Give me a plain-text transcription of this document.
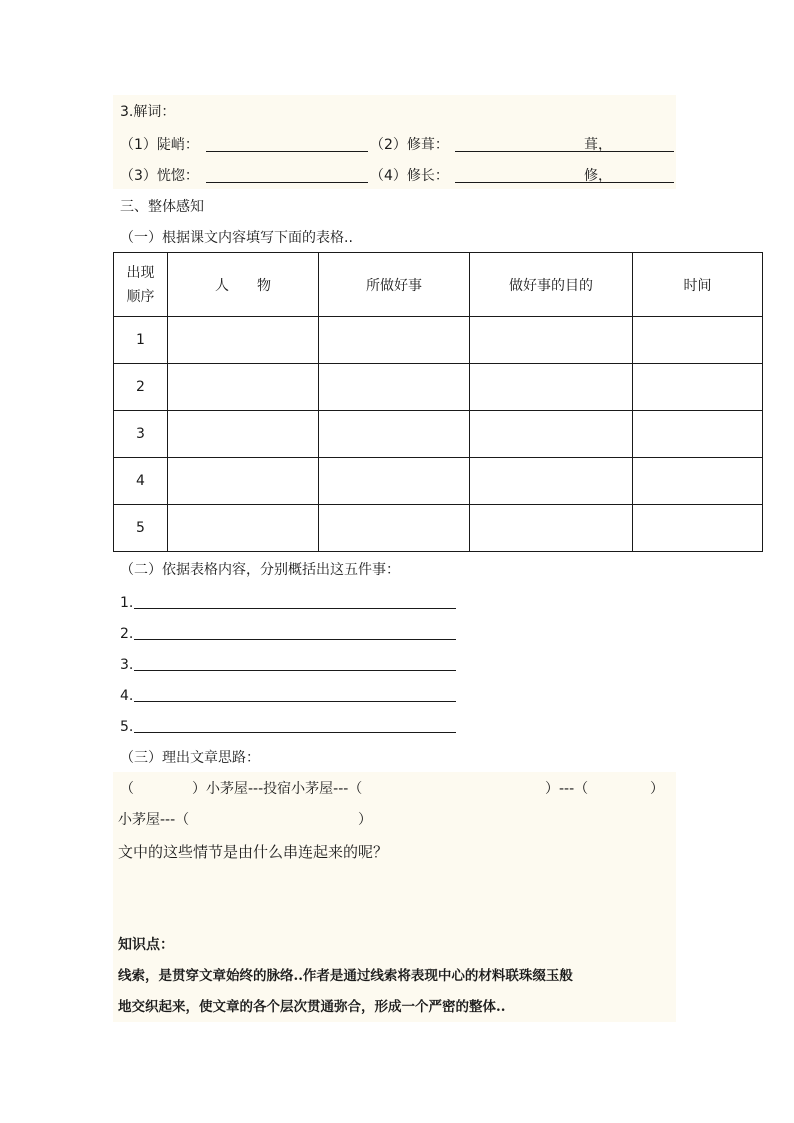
3.解词：
（1）陡峭：	（2）修葺：	葺，
（3）恍惚：	（4）修长：	修，
三、整体感知
（一）根据课文内容填写下面的表格..
出现
顺序	人　　物	所做好事	做好事的目的	时间
1				
2				
3				
4				
5				
（二）依据表格内容，分别概括出这五件事：
1.
2.
3.
4.
5.
（三）理出文章思路：
（	）小茅屋---投宿小茅屋---（	）---（	）
小茅屋---（	）
文中的这些情节是由什么串连起来的呢？
知识点：
线索，是贯穿文章始终的脉络..作者是通过线索将表现中心的材料联珠缀玉般
地交织起来，使文章的各个层次贯通弥合，形成一个严密的整体..
